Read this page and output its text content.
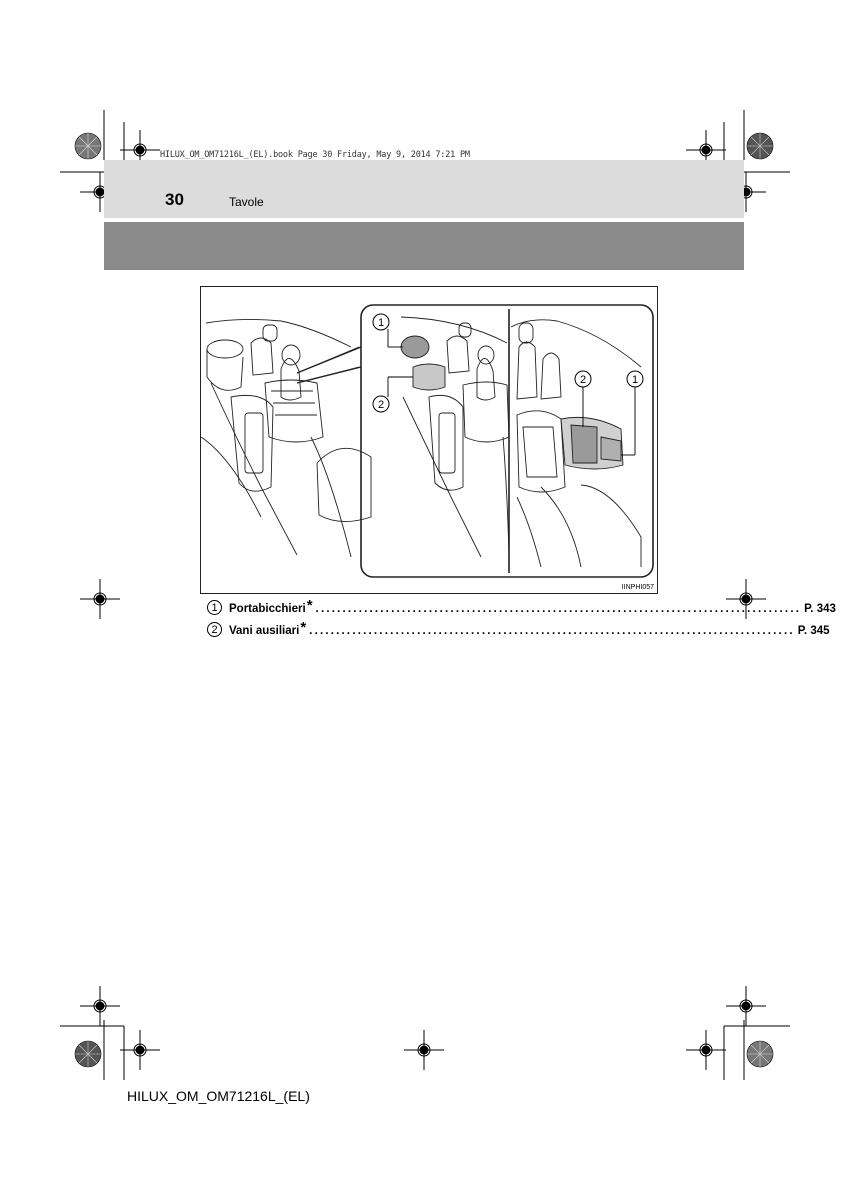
HILUX_OM_OM71216L_(EL).book Page 30 Friday, May 9, 2014 7:21 PM
30	Tavole
1
2
2	1
IINPHI057
1 Portabicchieri * .......................................................................................... P. 343
2 Vani ausiliari * .......................................................................................... P. 345
HILUX_OM_OM71216L_(EL)
